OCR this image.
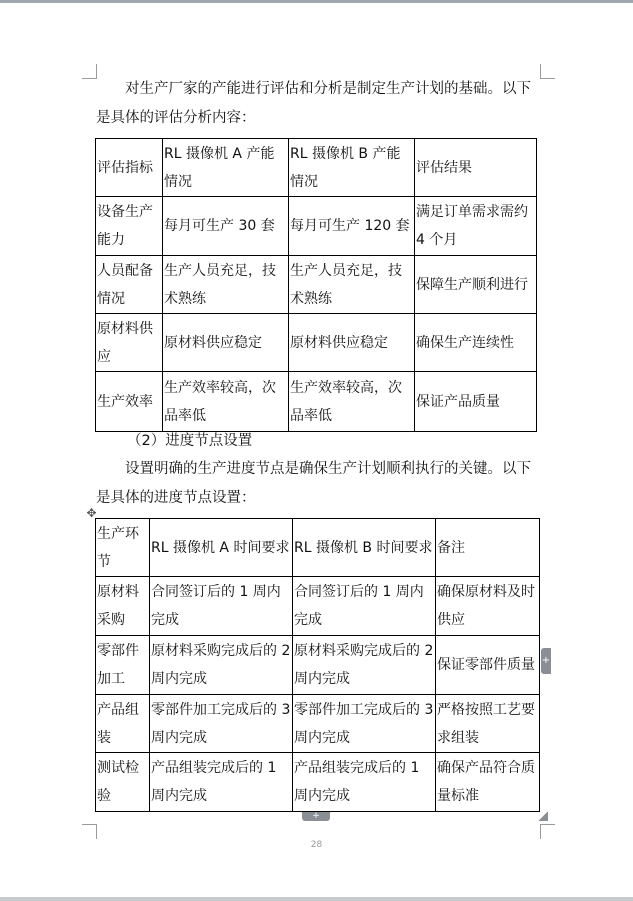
对生产厂家的产能进行评估和分析是制定生产计划的基础。以下是具体的评估分析内容：

评估指标	RL 摄像机 A 产能情况	RL 摄像机 B 产能情况	评估结果
设备生产能力	每月可生产 30 套	每月可生产 120 套	满足订单需求需约 4 个月
人员配备情况	生产人员充足，技术熟练	生产人员充足，技术熟练	保障生产顺利进行
原材料供应	原材料供应稳定	原材料供应稳定	确保生产连续性
生产效率	生产效率较高，次品率低	生产效率较高，次品率低	保证产品质量

（2）进度节点设置

设置明确的生产进度节点是确保生产计划顺利执行的关键。以下是具体的进度节点设置：

✥
生产环节	RL 摄像机 A 时间要求	RL 摄像机 B 时间要求	备注
原材料采购	合同签订后的 1 周内完成	合同签订后的 1 周内完成	确保原材料及时供应
零部件加工	原材料采购完成后的 2 周内完成	原材料采购完成后的 2 周内完成	保证零部件质量
产品组装	零部件加工完成后的 3 周内完成	零部件加工完成后的 3 周内完成	严格按照工艺要求组装
测试检验	产品组装完成后的 1 周内完成	产品组装完成后的 1 周内完成	确保产品符合质量标准
+
+
28
